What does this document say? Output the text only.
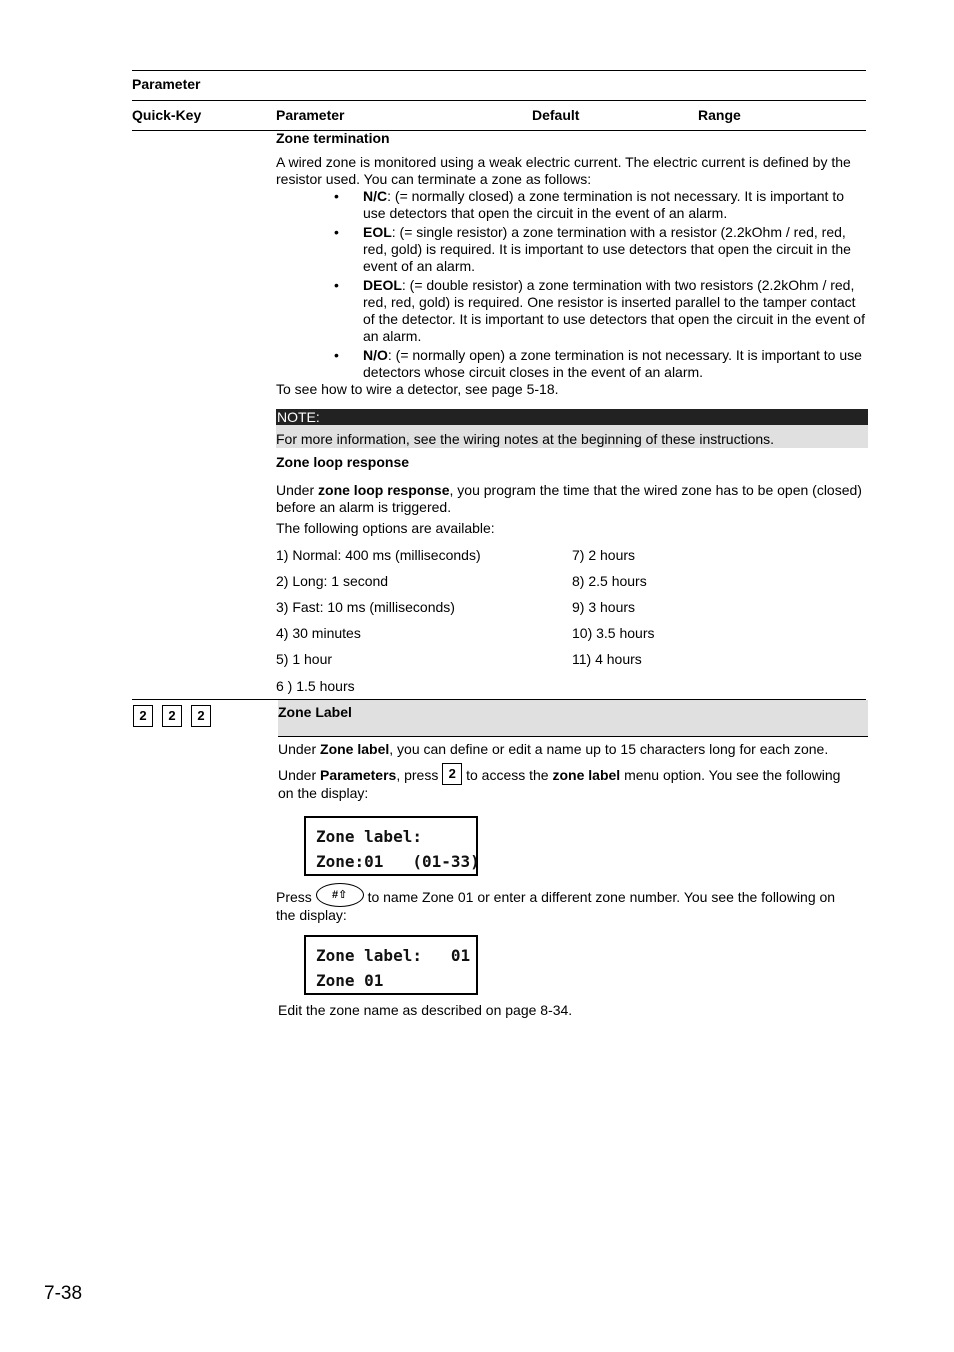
Parameter
Quick-Key	Parameter	Default	Range
Zone termination
A wired zone is monitored using a weak electric current. The electric current is defined by the resistor used. You can terminate a zone as follows:
• N/C: (= normally closed) a zone termination is not necessary. It is important to use detectors that open the circuit in the event of an alarm.
• EOL: (= single resistor) a zone termination with a resistor (2.2kOhm / red, red, red, gold) is required. It is important to use detectors that open the circuit in the event of an alarm.
• DEOL: (= double resistor) a zone termination with two resistors (2.2kOhm / red, red, red, gold) is required. One resistor is inserted parallel to the tamper contact of the detector. It is important to use detectors that open the circuit in the event of an alarm.
• N/O: (= normally open) a zone termination is not necessary. It is important to use detectors whose circuit closes in the event of an alarm.
To see how to wire a detector, see page 5-18.
NOTE:
For more information, see the wiring notes at the beginning of these instructions.
Zone loop response
Under zone loop response, you program the time that the wired zone has to be open (closed) before an alarm is triggered.
The following options are available:
1) Normal: 400 ms (milliseconds)
2) Long: 1 second
3) Fast: 10 ms (milliseconds)
4) 30 minutes
5) 1 hour
6 ) 1.5 hours
7) 2 hours
8) 2.5 hours
9) 3 hours
10) 3.5 hours
11) 4 hours
2	2	2	Zone Label
Under Zone label, you can define or edit a name up to 15 characters long for each zone.
Under Parameters, press 2 to access the zone label menu option. You see the following on the display:
Zone label:
Zone:01   (01-33)
Press #⇧ to name Zone 01 or enter a different zone number. You see the following on the display:
Zone label:   01
Zone 01
Edit the zone name as described on page 8-34.
7-38
